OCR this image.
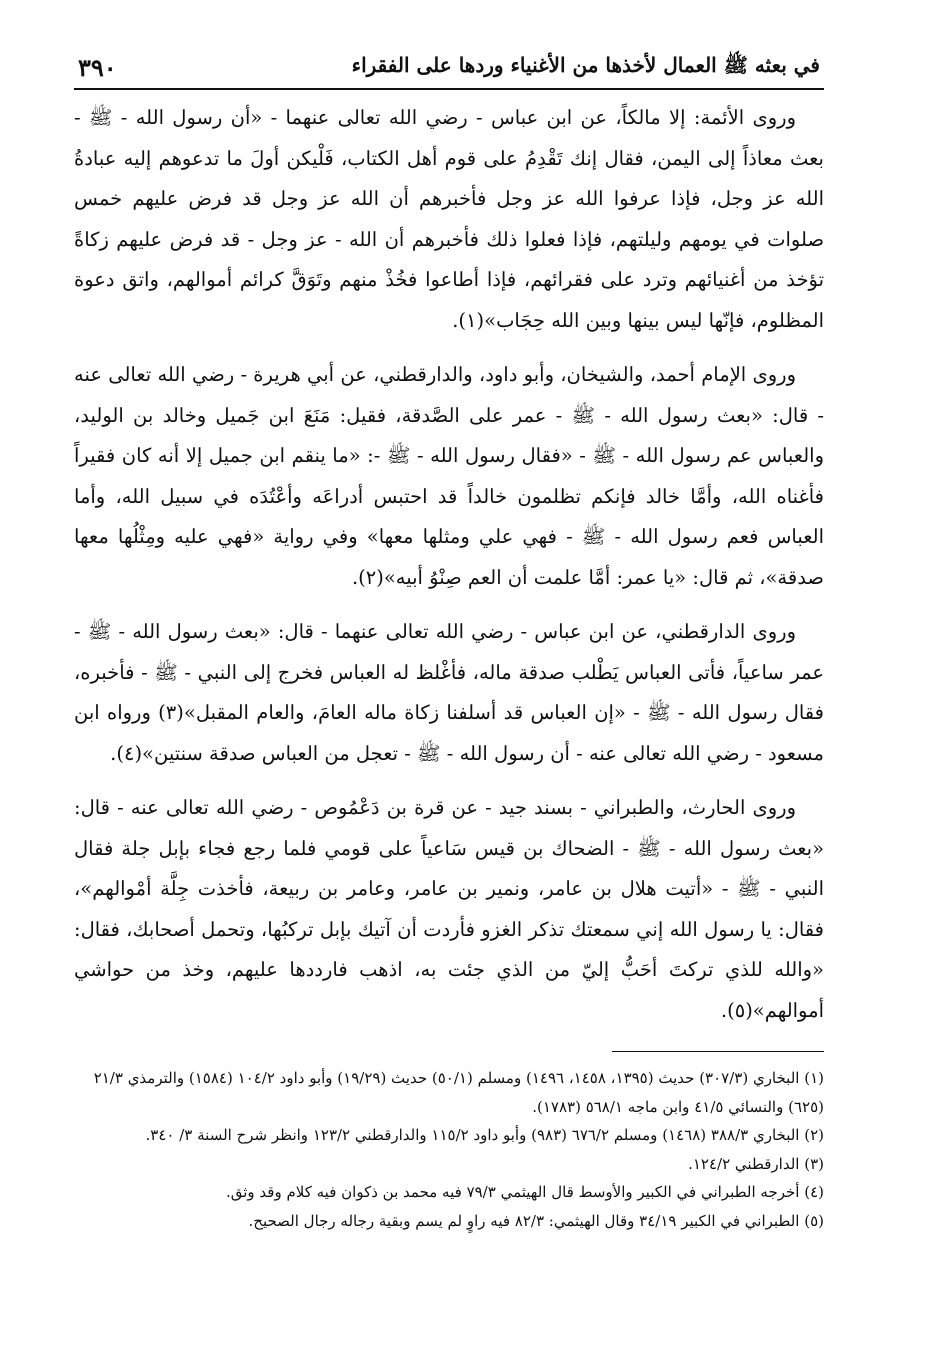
في بعثه ﷺ العمال لأخذها من الأغنياء وردها على الفقراء
٣٩٠

وروى الأئمة: إلا مالكاً، عن ابن عباس - رضي الله تعالى عنهما - «أن رسول الله - ﷺ - بعث معاذاً إلى اليمن، فقال إنك تَقْدِمُ على قوم أهل الكتاب، فَلْيكن أولَ ما تدعوهم إليه عبادةُ الله عز وجل، فإذا عرفوا الله عز وجل فأخبرهم أن الله عز وجل قد فرض عليهم خمس صلوات في يومهم وليلتهم، فإذا فعلوا ذلك فأخبرهم أن الله - عز وجل - قد فرض عليهم زكاةً تؤخذ من أغنيائهم وترد على فقرائهم، فإذا أطاعوا فخُذْ منهم وتَوَقَّ كرائم أموالهم، واتق دعوة المظلوم، فإنّها ليس بينها وبين الله حِجَاب»(١).

وروى الإمام أحمد، والشيخان، وأبو داود، والدارقطني، عن أبي هريرة - رضي الله تعالى عنه - قال: «بعث رسول الله - ﷺ - عمر على الصَّدقة، فقيل: مَنَعَ ابن جَميل وخالد بن الوليد، والعباس عم رسول الله - ﷺ - «فقال رسول الله - ﷺ -: «ما ينقم ابن جميل إلا أنه كان فقيراً فأغناه الله، وأمَّا خالد فإنكم تظلمون خالداً قد احتبس أدراعَه وأعْتُدَه في سبيل الله، وأما العباس فعم رسول الله - ﷺ - فهي علي ومثلها معها» وفي رواية «فهي عليه ومِثْلُها معها صدقة»، ثم قال: «يا عمر: أمَّا علمت أن العم صِنْوُ أبيه»(٢).

وروى الدارقطني، عن ابن عباس - رضي الله تعالى عنهما - قال: «بعث رسول الله - ﷺ - عمر ساعياً، فأتى العباس يَطْلب صدقة ماله، فأغْلظ له العباس فخرج إلى النبي - ﷺ - فأخبره، فقال رسول الله - ﷺ - «إن العباس قد أسلفنا زكاة ماله العامَ، والعام المقبل»(٣) ورواه ابن مسعود - رضي الله تعالى عنه - أن رسول الله - ﷺ - تعجل من العباس صدقة سنتين»(٤).

وروى الحارث، والطبراني - بسند جيد - عن قرة بن دَعْمُوص - رضي الله تعالى عنه - قال: «بعث رسول الله - ﷺ - الضحاك بن قيس سَاعياً على قومي فلما رجع فجاء بإبل جلة فقال النبي - ﷺ - «أتيت هلال بن عامر، ونمير بن عامر، وعامر بن ربيعة، فأخذت جِلَّة أمْوالهم»، فقال: يا رسول الله إني سمعتك تذكر الغزو فأردت أن آتيك بإبل تركبُها، وتحمل أصحابك، فقال: «والله للذي تركتَ أحَبُّ إليّ من الذي جئت به، اذهب فارددها عليهم، وخذ من حواشي أموالهم»(٥).

(١) البخاري (٣٠٧/٣) حديث (١٣٩٥، ١٤٥٨، ١٤٩٦) ومسلم (٥٠/١) حديث (١٩/٢٩) وأبو داود ١٠٤/٢ (١٥٨٤) والترمذي ٢١/٣ (٦٢٥) والنسائي ٤١/٥ وابن ماجه ٥٦٨/١ (١٧٨٣).

(٢) البخاري ٣٨٨/٣ (١٤٦٨) ومسلم ٦٧٦/٢ (٩٨٣) وأبو داود ١١٥/٢ والدارقطني ١٢٣/٢ وانظر شرح السنة ٣/ ٣٤٠.

(٣) الدارقطني ١٢٤/٢.

(٤) أخرجه الطبراني في الكبير والأوسط قال الهيثمي ٧٩/٣ فيه محمد بن ذكوان فيه كلام وقد وثق.

(٥) الطبراني في الكبير ٣٤/١٩ وقال الهيثمي: ٨٢/٣ فيه راوٍ لم يسم وبقية رجاله رجال الصحيح.
